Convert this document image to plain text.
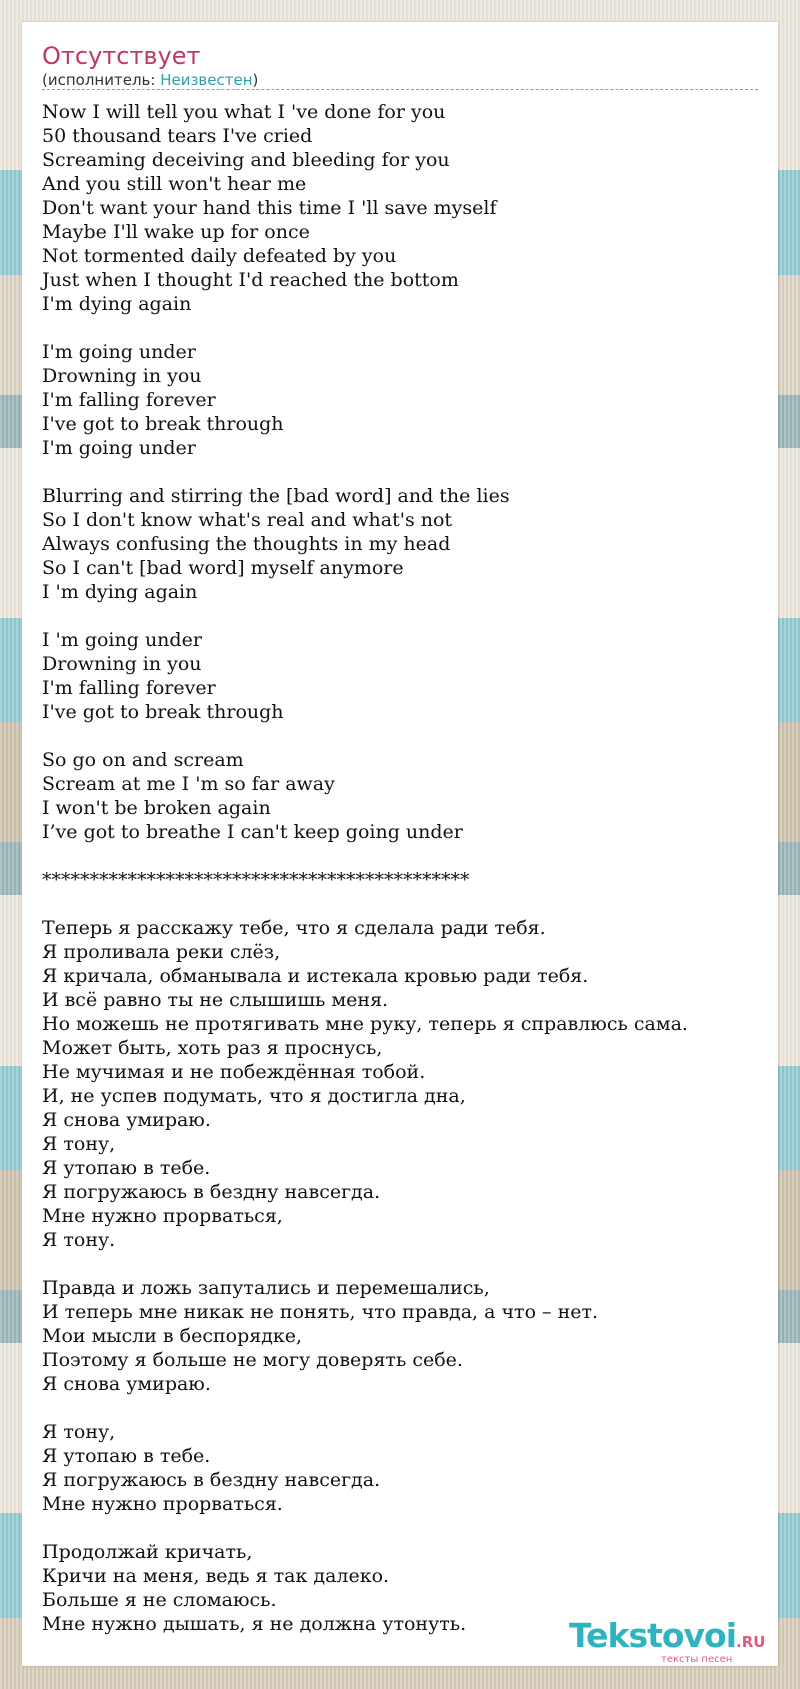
Отсутствует
(исполнитель: Неизвестен)
Now I will tell you what I 've done for you
50 thousand tears I've cried
Screaming deceiving and bleeding for you
And you still won't hear me
Don't want your hand this time I 'll save myself
Maybe I'll wake up for once
Not tormented daily defeated by you
Just when I thought I'd reached the bottom
I'm dying again

I'm going under
Drowning in you
I'm falling forever
I've got to break through
I'm going under

Blurring and stirring the [bad word] and the lies
So I don't know what's real and what's not
Always confusing the thoughts in my head
So I can't [bad word] myself anymore
I 'm dying again

I 'm going under
Drowning in you
I'm falling forever
I've got to break through

So go on and scream
Scream at me I 'm so far away
I won't be broken again
I’ve got to breathe I can't keep going under

*********************************************

Теперь я расскажу тебе, что я сделала ради тебя.
Я проливала реки слёз,
Я кричала, обманывала и истекала кровью ради тебя.
И всё равно ты не слышишь меня.
Но можешь не протягивать мне руку, теперь я справлюсь сама.
Может быть, хоть раз я проснусь,
Не мучимая и не побеждённая тобой.
И, не успев подумать, что я достигла дна,
Я снова умираю.
Я тону,
Я утопаю в тебе.
Я погружаюсь в бездну навсегда.
Мне нужно прорваться,
Я тону.

Правда и ложь запутались и перемешались,
И теперь мне никак не понять, что правда, а что – нет.
Мои мысли в беспорядке,
Поэтому я больше не могу доверять себе.
Я снова умираю.

Я тону,
Я утопаю в тебе.
Я погружаюсь в бездну навсегда.
Мне нужно прорваться.

Продолжай кричать,
Кричи на меня, ведь я так далеко.
Больше я не сломаюсь.
Мне нужно дышать, я не должна утонуть.	Tekstovoi.RU
тексты песен
